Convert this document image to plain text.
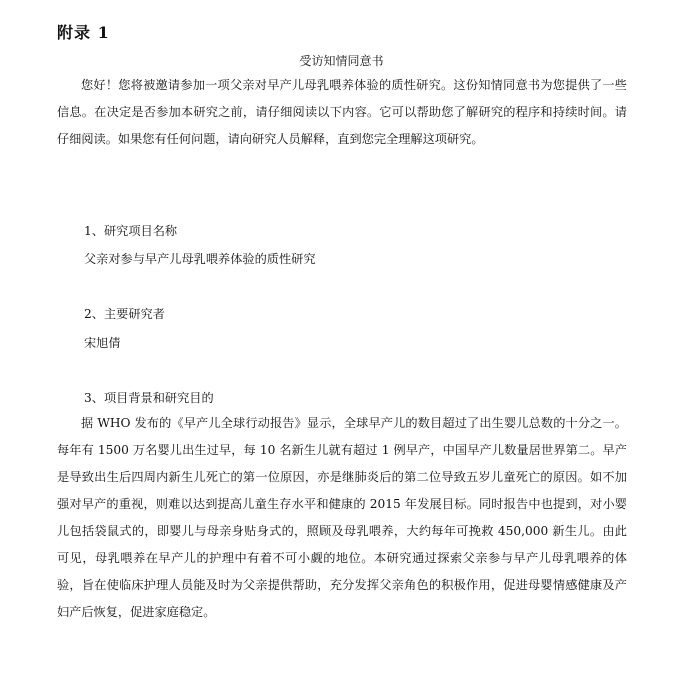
附录 1
受访知情同意书

您好！您将被邀请参加一项父亲对早产儿母乳喂养体验的质性研究。这份知情同意书为您提供了一些信息。在决定是否参加本研究之前，请仔细阅读以下内容。它可以帮助您了解研究的程序和持续时间。请仔细阅读。如果您有任何问题，请向研究人员解释，直到您完全理解这项研究。

1、研究项目名称
父亲对参与早产儿母乳喂养体验的质性研究
2、主要研究者
宋旭倩
3、项目背景和研究目的

据 WHO 发布的《早产儿全球行动报告》显示，全球早产儿的数目超过了出生婴儿总数的十分之一。每年有 1500 万名婴儿出生过早，每 10 名新生儿就有超过 1 例早产，中国早产儿数量居世界第二。早产是导致出生后四周内新生儿死亡的第一位原因，亦是继肺炎后的第二位导致五岁儿童死亡的原因。如不加强对早产的重视，则难以达到提高儿童生存水平和健康的 2015 年发展目标。同时报告中也提到，对小婴儿包括袋鼠式的，即婴儿与母亲身贴身式的，照顾及母乳喂养，大约每年可挽救 450,000 新生儿。由此可见，母乳喂养在早产儿的护理中有着不可小觑的地位。本研究通过探索父亲参与早产儿母乳喂养的体验，旨在使临床护理人员能及时为父亲提供帮助，充分发挥父亲角色的积极作用，促进母婴情感健康及产妇产后恢复，促进家庭稳定。
